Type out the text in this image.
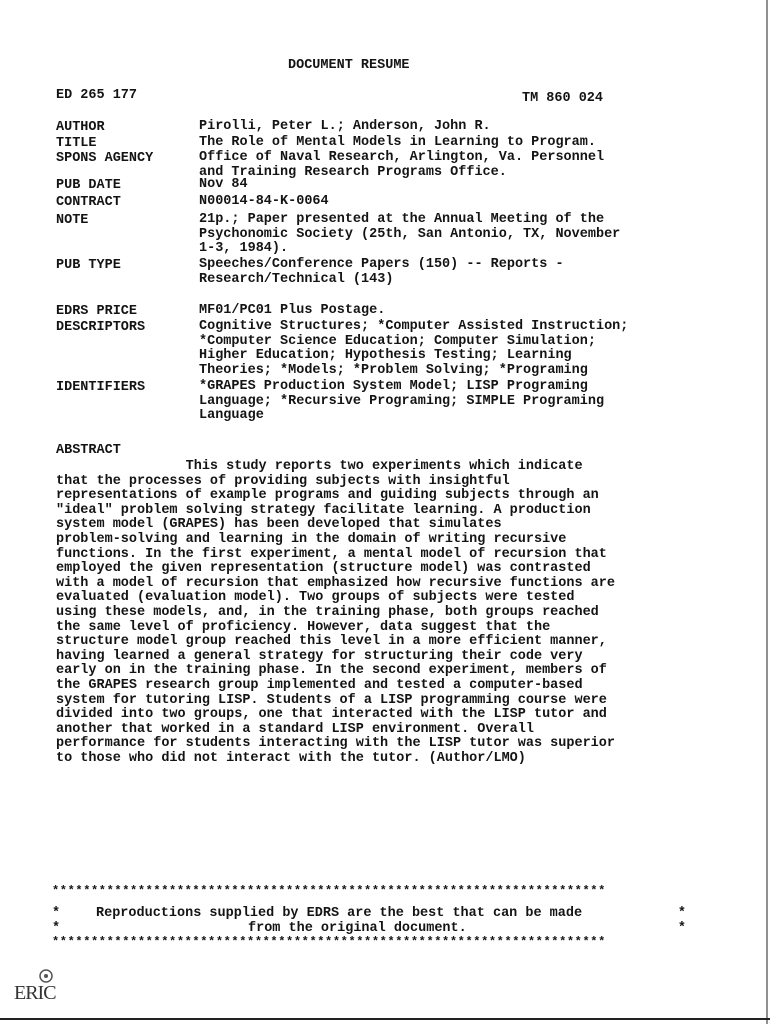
DOCUMENT RESUME
ED 265 177	TM 860 024
AUTHOR	Pirolli, Peter L.; Anderson, John R.
TITLE	The Role of Mental Models in Learning to Program.
SPONS AGENCY	Office of Naval Research, Arlington, Va. Personnel
and Training Research Programs Office.
PUB DATE	Nov 84
CONTRACT	N00014-84-K-0064
NOTE	21p.; Paper presented at the Annual Meeting of the
Psychonomic Society (25th, San Antonio, TX, November
1-3, 1984).
PUB TYPE	Speeches/Conference Papers (150) -- Reports -
Research/Technical (143)
EDRS PRICE	MF01/PC01 Plus Postage.
DESCRIPTORS	Cognitive Structures; *Computer Assisted Instruction;
*Computer Science Education; Computer Simulation;
Higher Education; Hypothesis Testing; Learning
Theories; *Models; *Problem Solving; *Programing
IDENTIFIERS	*GRAPES Production System Model; LISP Programing
Language; *Recursive Programing; SIMPLE Programing
Language
ABSTRACT
This study reports two experiments which indicate
that the processes of providing subjects with insightful
representations of example programs and guiding subjects through an
"ideal" problem solving strategy facilitate learning. A production
system model (GRAPES) has been developed that simulates
problem-solving and learning in the domain of writing recursive
functions. In the first experiment, a mental model of recursion that
employed the given representation (structure model) was contrasted
with a model of recursion that emphasized how recursive functions are
evaluated (evaluation model). Two groups of subjects were tested
using these models, and, in the training phase, both groups reached
the same level of proficiency. However, data suggest that the
structure model group reached this level in a more efficient manner,
having learned a general strategy for structuring their code very
early on in the training phase. In the second experiment, members of
the GRAPES research group implemented and tested a computer-based
system for tutoring LISP. Students of a LISP programming course were
divided into two groups, one that interacted with the LISP tutor and
another that worked in a standard LISP environment. Overall
performance for students interacting with the LISP tutor was superior
to those who did not interact with the tutor. (Author/LMO)
***********************************************************************
*	Reproductions supplied by EDRS are the best that can be made	*
*	from the original document.	*
***********************************************************************
ERIC
